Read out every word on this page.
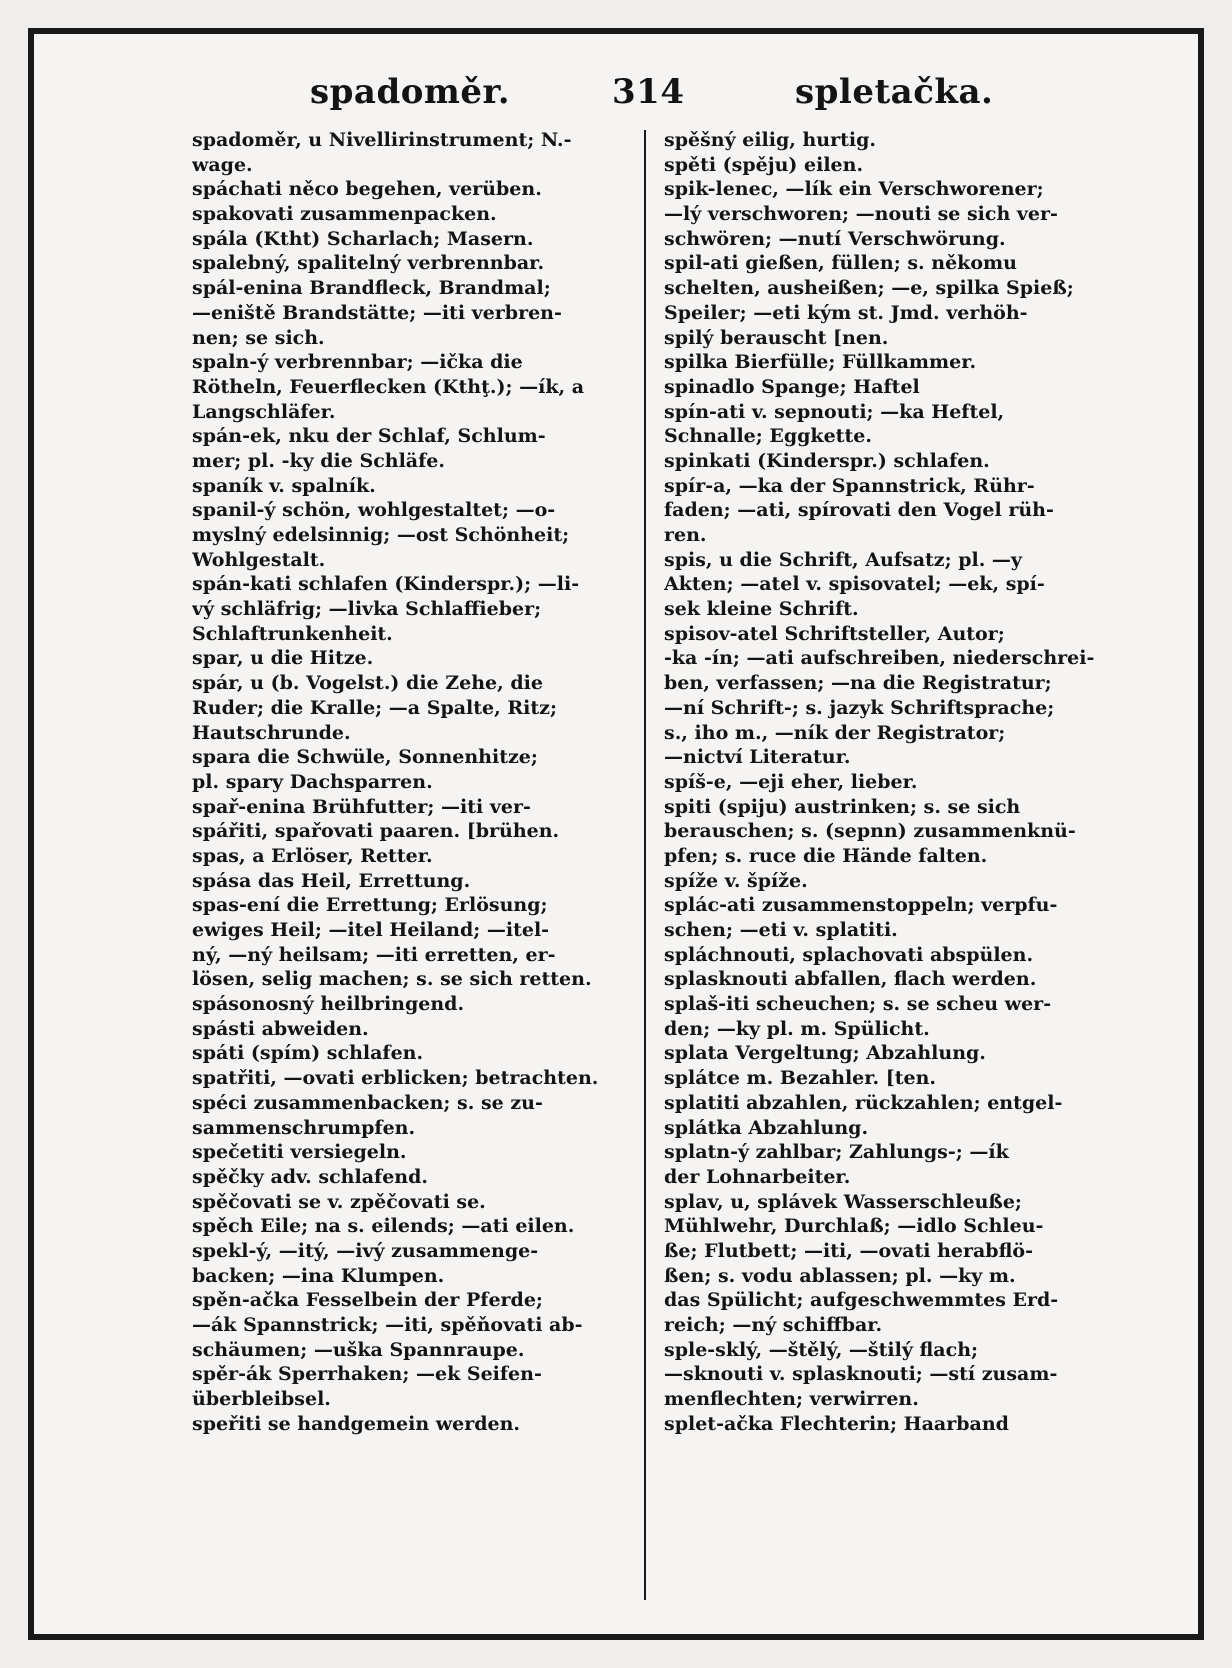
spadoměr.	314	spletačka.
spadoměr, u Nivellirinstrument; N.-
wage.
spáchati něco begehen, verüben.
spakovati zusammenpacken.
spála (Ktht) Scharlach; Masern.
spalebný, spalitelný verbrennbar.
spál-enina Brandfleck, Brandmal;
—eniště Brandstätte; —iti verbren-
nen; se sich.
spaln-ý verbrennbar; —ička die
Rötheln, Feuerflecken (Kthţ.); —ík, a
Langschläfer.
spán-ek, nku der Schlaf, Schlum-
mer; pl. -ky die Schläfe.
spaník v. spalník.
spanil-ý schön, wohlgestaltet; —o-
myslný edelsinnig; —ost Schönheit;
Wohlgestalt.
spán-kati schlafen (Kinderspr.); —li-
vý schläfrig; —livka Schlaffieber;
Schlaftrunkenheit.
spar, u die Hitze.
spár, u (b. Vogelst.) die Zehe, die
Ruder; die Kralle; —a Spalte, Ritz;
Hautschrunde.
spara die Schwüle, Sonnenhitze;
pl. spary Dachsparren.
spař-enina Brühfutter; —iti ver-
spářiti, spařovati paaren. [brühen.
spas, a Erlöser, Retter.
spása das Heil, Errettung.
spas-ení die Errettung; Erlösung;
ewiges Heil; —itel Heiland; —itel-
ný, —ný heilsam; —iti erretten, er-
lösen, selig machen; s. se sich retten.
spásonosný heilbringend.
spásti abweiden.
spáti (spím) schlafen.
spatřiti, —ovati erblicken; betrachten.
spéci zusammenbacken; s. se zu-
sammenschrumpfen.
spečetiti versiegeln.
spěčky adv. schlafend.
spěčovati se v. zpěčovati se.
spěch Eile; na s. eilends; —ati eilen.
spekl-ý, —itý, —ivý zusammenge-
backen; —ina Klumpen.
spěn-ačka Fesselbein der Pferde;
—ák Spannstrick; —iti, spěňovati ab-
schäumen; —uška Spannraupe.
spěr-ák Sperrhaken; —ek Seifen-
überbleibsel.
speřiti se handgemein werden.
spěšný eilig, hurtig.
spěti (spěju) eilen.
spik-lenec, —lík ein Verschworener;
—lý verschworen; —nouti se sich ver-
schwören; —nutí Verschwörung.
spil-ati gießen, füllen; s. někomu
schelten, ausheißen; —e, spilka Spieß;
Speiler; —eti kým st. Jmd. verhöh-
spilý berauscht [nen.
spilka Bierfülle; Füllkammer.
spinadlo Spange; Haftel
spín-ati v. sepnouti; —ka Heftel,
Schnalle; Eggkette.
spinkati (Kinderspr.) schlafen.
spír-a, —ka der Spannstrick, Rühr-
faden; —ati, spírovati den Vogel rüh-
ren.
spis, u die Schrift, Aufsatz; pl. —y
Akten; —atel v. spisovatel; —ek, spí-
sek kleine Schrift.
spisov-atel Schriftsteller, Autor;
-ka -ín; —ati aufschreiben, niederschrei-
ben, verfassen; —na die Registratur;
—ní Schrift-; s. jazyk Schriftsprache;
s., iho m., —ník der Registrator;
—nictví Literatur.
spíš-e, —eji eher, lieber.
spiti (spiju) austrinken; s. se sich
berauschen; s. (sepnn) zusammenknü-
pfen; s. ruce die Hände falten.
spíže v. špíže.
splác-ati zusammenstoppeln; verpfu-
schen; —eti v. splatiti.
spláchnouti, splachovati abspülen.
splasknouti abfallen, flach werden.
splaš-iti scheuchen; s. se scheu wer-
den; —ky pl. m. Spülicht.
splata Vergeltung; Abzahlung.
splátce m. Bezahler. [ten.
splatiti abzahlen, rückzahlen; entgel-
splátka Abzahlung.
splatn-ý zahlbar; Zahlungs-; —ík
der Lohnarbeiter.
splav, u, splávek Wasserschleuße;
Mühlwehr, Durchlaß; —idlo Schleu-
ße; Flutbett; —iti, —ovati herabflö-
ßen; s. vodu ablassen; pl. —ky m.
das Spülicht; aufgeschwemmtes Erd-
reich; —ný schiffbar.
sple-sklý, —štělý, —štilý flach;
—sknouti v. splasknouti; —stí zusam-
menflechten; verwirren.
splet-ačka Flechterin; Haarband
